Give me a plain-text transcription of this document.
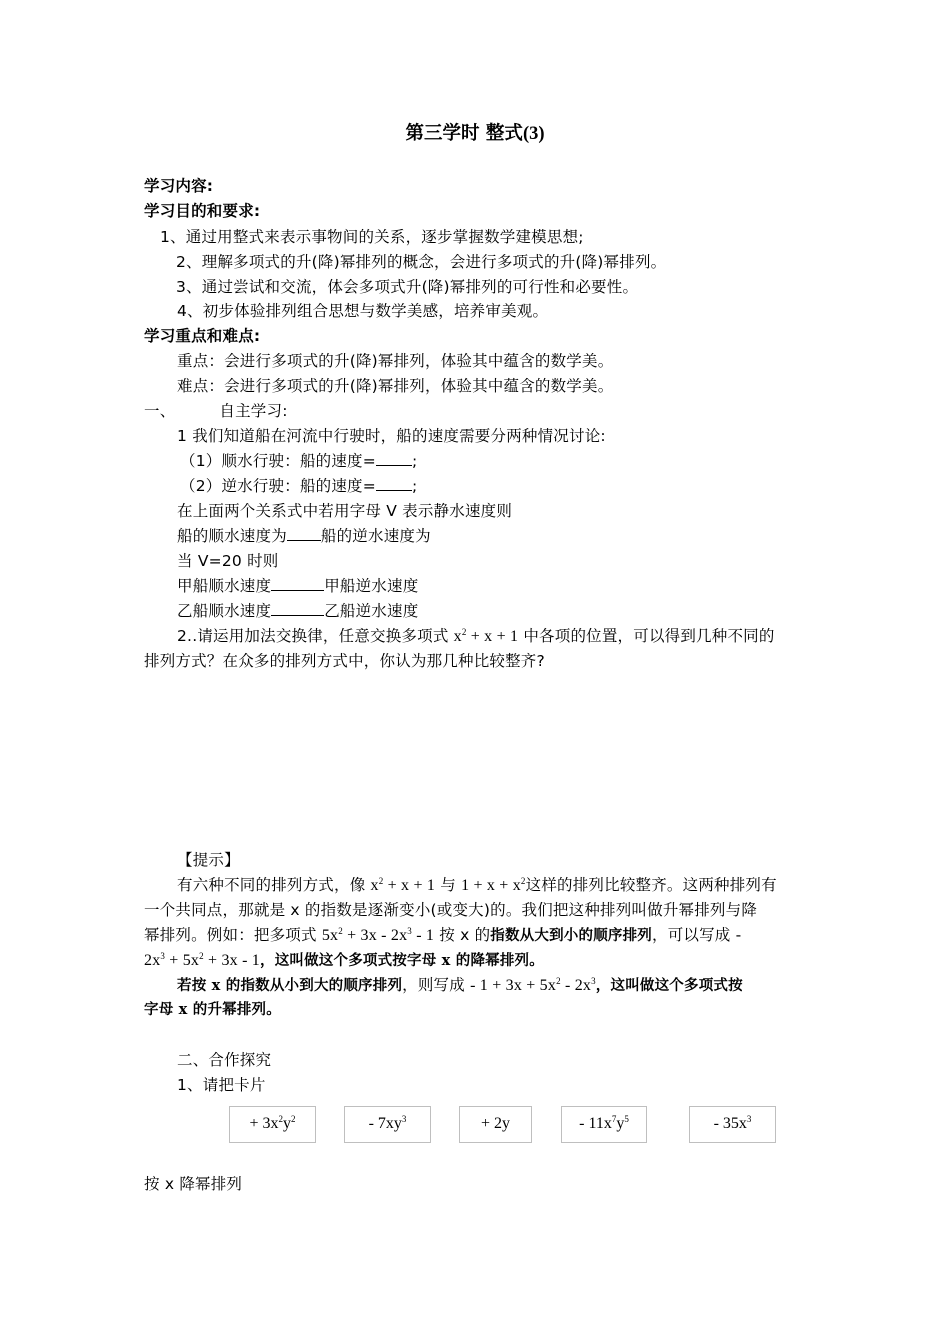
第三学时 整式(3)
学习内容:
学习目的和要求:
1、通过用整式来表示事物间的关系，逐步掌握数学建模思想;
2、理解多项式的升(降)幂排列的概念，会进行多项式的升(降)幂排列。
3、通过尝试和交流，体会多项式升(降)幂排列的可行性和必要性。
4、初步体验排列组合思想与数学美感，培养审美观。
学习重点和难点:
重点：会进行多项式的升(降)幂排列，体验其中蕴含的数学美。
难点：会进行多项式的升(降)幂排列，体验其中蕴含的数学美。
一、	自主学习:
1 我们知道船在河流中行驶时，船的速度需要分两种情况讨论:
（1）顺水行驶：船的速度= ;
（2）逆水行驶：船的速度= ;
在上面两个关系式中若用字母 V 表示静水速度则
船的顺水速度为 船的逆水速度为
当 V=20 时则
甲船顺水速度	甲船逆水速度
乙船顺水速度	乙船逆水速度
2..请运用加法交换律，任意交换多项式 $x^2 + x + 1$ 中各项的位置，可以得到几种不同的
排列方式？在众多的排列方式中，你认为那几种比较整齐?
【提示】
有六种不同的排列方式，像 $x^2 + x + 1$ 与 $1 + x + x^2$这样的排列比较整齐。这两种排列有
一个共同点，那就是 x 的指数是逐渐变小(或变大)的。我们把这种排列叫做升幂排列与降
幂排列。例如：把多项式 $5x^2 + 3x - 2x^3 - 1$ 按 x 的指数从大到小的顺序排列，可以写成 -
$2x^3 + 5x^2 + 3x - 1$，这叫做这个多项式按字母 x 的降幂排列。
若按 x 的指数从小到大的顺序排列，则写成 - $1 + 3x + 5x^2 - 2x^3$，这叫做这个多项式按
字母 x 的升幂排列。
二、合作探究
1、请把卡片
+ $3x^2y^2$	- $7xy^3$	+ 2y	- $11x^7y^5$	- $35x^3$
按 x 降幂排列
